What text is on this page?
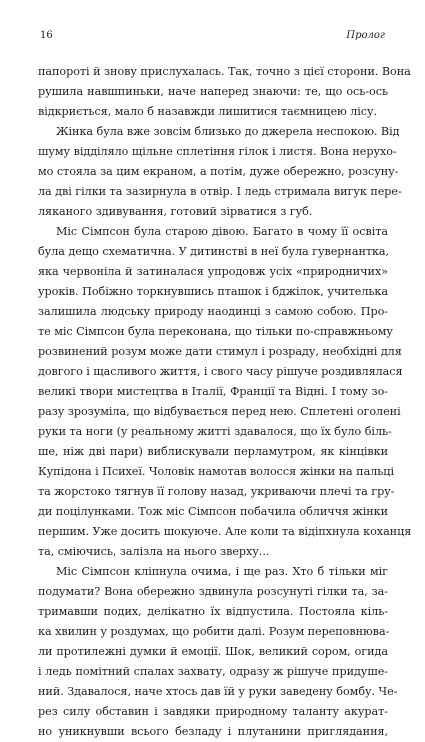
16	Пролог
папороті й знову прислухалась. Так, точно з цієї сторони. Вона
рушила навшпиньки, наче наперед знаючи: те, що ось-ось
відкриється, мало б назавжди лишитися таємницею лісу.
Жінка була вже зовсім близько до джерела неспокою. Від
шуму відділяло щільне сплетіння гілок і листя. Вона нерухо-
мо стояла за цим екраном, а потім, дуже обережно, розсуну-
ла дві гілки та зазирнула в отвір. І ледь стримала вигук пере-
ляканого здивування, готовий зірватися з губ.
Міс Сімпсон була старою дівою. Багато в чому її освіта
була дещо схематична. У дитинстві в неї була гувернантка,
яка червоніла й затиналася упродовж усіх «природничих»
уроків. Побіжно торкнувшись пташок і бджілок, учителька
залишила людську природу наодинці з самою собою. Про-
те міс Сімпсон була переконана, що тільки по-справжньому
розвинений розум може дати стимул і розраду, необхідні для
довгого і щасливого життя, і свого часу рішуче роздивлялася
великі твори мистецтва в Італії, Франції та Відні. І тому зо-
разу зрозуміла, що відбувається перед нею. Сплетені оголені
руки та ноги (у реальному житті здавалося, що їх було біль-
ше, ніж дві пари) виблискували перламутром, як кінцівки
Купідона і Психеї. Чоловік намотав волосся жінки на пальці
та жорстоко тягнув її голову назад, укриваючи плечі та гру-
ди поцілунками. Тож міс Сімпсон побачила обличчя жінки
першим. Уже досить шокуюче. Але коли та відіпхнула коханця
та, сміючись, залізла на нього зверху...
Міс Сімпсон кліпнула очима, і ще раз. Хто б тільки міг
подумати? Вона обережно здвинула розсунуті гілки та, за-
тримавши подих, делікатно їх відпустила. Постояла кіль-
ка хвилин у роздумах, що робити далі. Розум переповнюва-
ли протилежні думки й емоції. Шок, великий сором, огида
і ледь помітний спалах захвату, одразу ж рішуче придуше-
ний. Здавалося, наче хтось дав їй у руки заведену бомбу. Че-
рез силу обставин і завдяки природному таланту акурат-
но уникнувши всього безладу і плутанини приглядання,
